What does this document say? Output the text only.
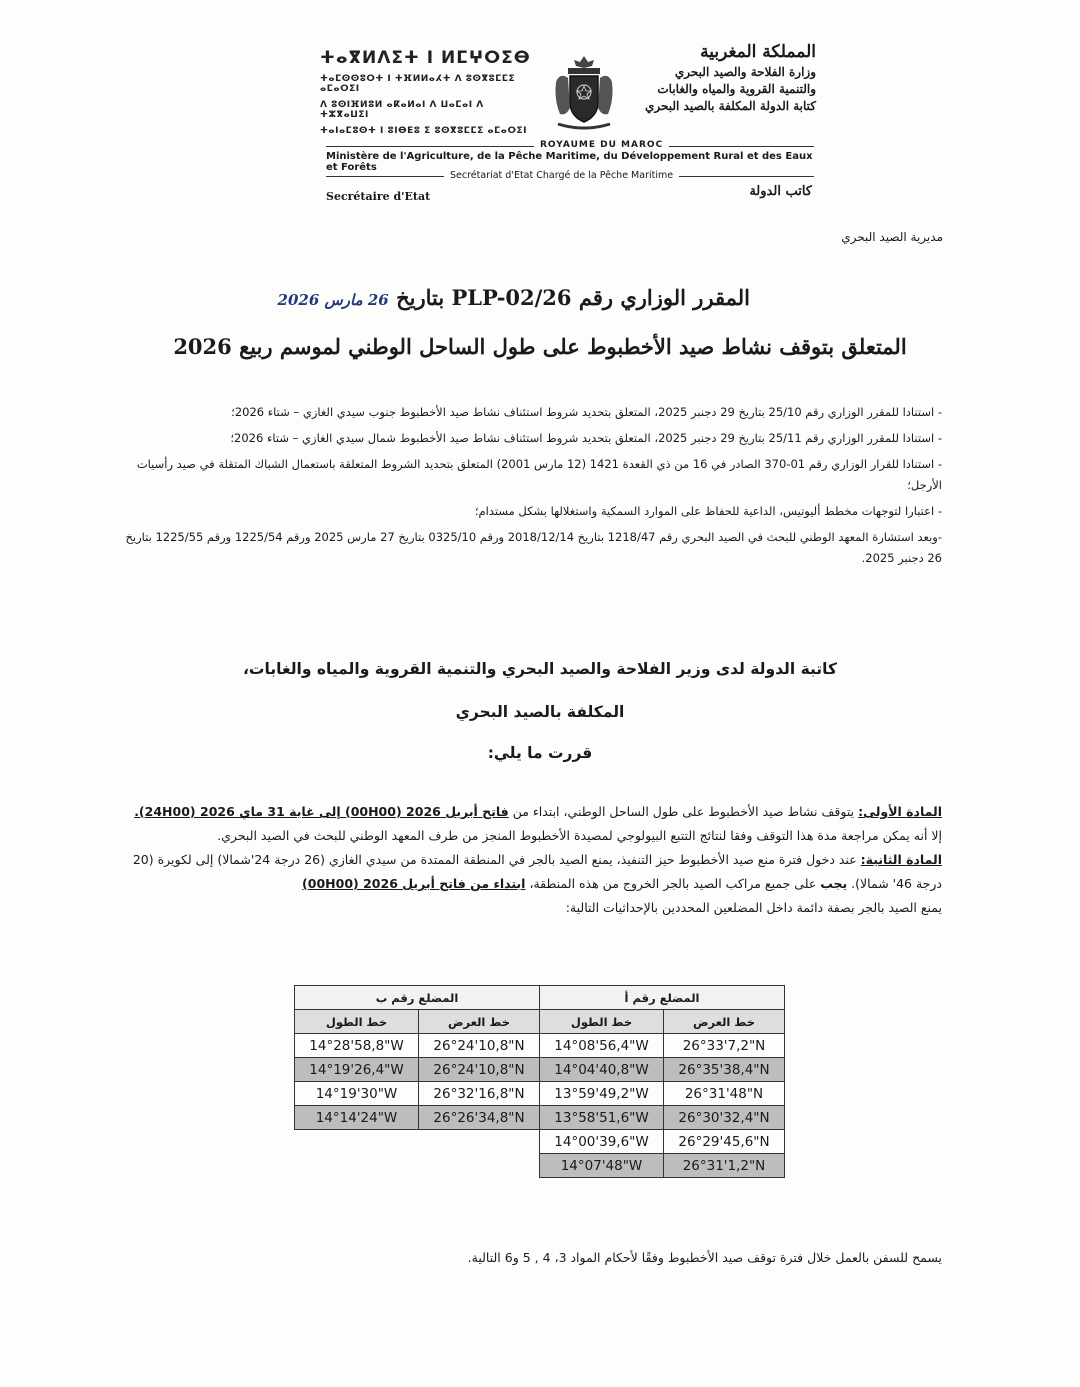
ⵜⴰⴳⵍⴷⵉⵜ ⵏ ⵍⵎⵖⵔⵉⴱ
ⵜⴰⵎⵙⵙⵓⵔⵜ ⵏ ⵜⴼⵍⵍⴰⵃⵜ ⴷ ⵓⵙⴳⵓⵎⵎⵉ ⴰⵎⴰⵔⵉⵏ
ⴷ ⵓⵙⵏⴼⵍⵓⵍ ⴰⴽⴰⵍⴰⵏ ⴷ ⵡⴰⵎⴰⵏ ⴷ ⵜⵣⴳⴰⵡⵉⵏ
ⵜⴰⵏⴰⵎⵓⵙⵜ ⵏ ⵓⵏⴱⴹⵓ ⵉ ⵓⵙⴳⵓⵎⵎⵉ ⴰⵎⴰⵔⵉⵏ
المملكة المغربية
وزارة الفلاحة والصيد البحري
والتنمية القروية والمياه والغابات
كتابة الدولة المكلفة بالصيد البحري
ROYAUME DU MAROC
Ministère de l'Agriculture, de la Pêche Maritime, du Développement Rural et des Eaux et Forêts
Secrétariat d'Etat Chargé de la Pêche Maritime
Secrétaire d'Etat	كاتب الدولة
مديرية الصيد البحري
المقرر الوزاري رقم PLP-02/26 بتاريخ 26 مارس 2026
المتعلق بتوقف نشاط صيد الأخطبوط على طول الساحل الوطني لموسم ربيع 2026

- استنادا للمقرر الوزاري رقم 25/10 بتاريخ 29 دجنبر 2025، المتعلق بتحديد شروط استئناف نشاط صيد الأخطبوط جنوب سيدي الغازي – شتاء 2026؛

- استنادا للمقرر الوزاري رقم 25/11 بتاريخ 29 دجنبر 2025، المتعلق بتحديد شروط استئناف نشاط صيد الأخطبوط شمال سيدي الغازي – شتاء 2026؛

- استنادا للقرار الوزاري رقم 01-370 الصادر في 16 من ذي القعدة 1421 (12 مارس 2001) المتعلق بتحديد الشروط المتعلقة باستعمال الشباك المتقلة في صيد رأسيات الأرجل؛

- اعتبارا لتوجهات مخطط أليوتيس، الداعية للحفاظ على الموارد السمكية واستغلالها بشكل مستدام؛

-وبعد استشارة المعهد الوطني للبحث في الصيد البحري رقم 1218/47 بتاريخ 2018/12/14 ورقم 0325/10 بتاريخ 27 مارس 2025 ورقم 1225/54 ورقم 1225/55 بتاريخ 26 دجنبر 2025.

كاتبة الدولة لدى وزير الفلاحة والصيد البحري والتنمية القروية والمياه والغابات،
المكلفة بالصيد البحري
قررت ما يلي:

المادة الأولى: يتوقف نشاط صيد الأخطبوط على طول الساحل الوطني، ابتداء من فاتح أبريل 2026 (00H00) إلى غاية 31 ماي 2026 (24H00).

إلا أنه يمكن مراجعة مدة هذا التوقف وفقا لنتائج التتبع البيولوجي لمصيدة الأخطبوط المنجز من طرف المعهد الوطني للبحث في الصيد البحري.

المادة الثانية: عند دخول فترة منع صيد الأخطبوط حيز التنفيذ، يمنع الصيد بالجر في المنطقة الممتدة من سيدي الغازي (26 درجة 24'شمالا) إلى لكويرة (20 درجة 46' شمالا). يجب على جميع مراكب الصيد بالجر الخروج من هذه المنطقة، ابتداء من فاتح أبريل 2026 (00H00)

يمنع الصيد بالجر بصفة دائمة داخل المضلعين المحددين بالإحداثيات التالية:

المضلع رقم ب		المضلع رقم أ	
خط الطول	خط العرض	خط الطول	خط العرض
14°28'58,8"W	26°24'10,8"N	14°08'56,4"W	26°33'7,2"N
14°19'26,4"W	26°24'10,8"N	14°04'40,8"W	26°35'38,4"N
14°19'30"W	26°32'16,8"N	13°59'49,2"W	26°31'48"N
14°14'24"W	26°26'34,8"N	13°58'51,6"W	26°30'32,4"N
		14°00'39,6"W	26°29'45,6"N
		14°07'48"W	26°31'1,2"N
يسمح للسفن بالعمل خلال فترة توقف صيد الأخطبوط وفقًا لأحكام المواد 3، 4 , 5 و6 التالية.
